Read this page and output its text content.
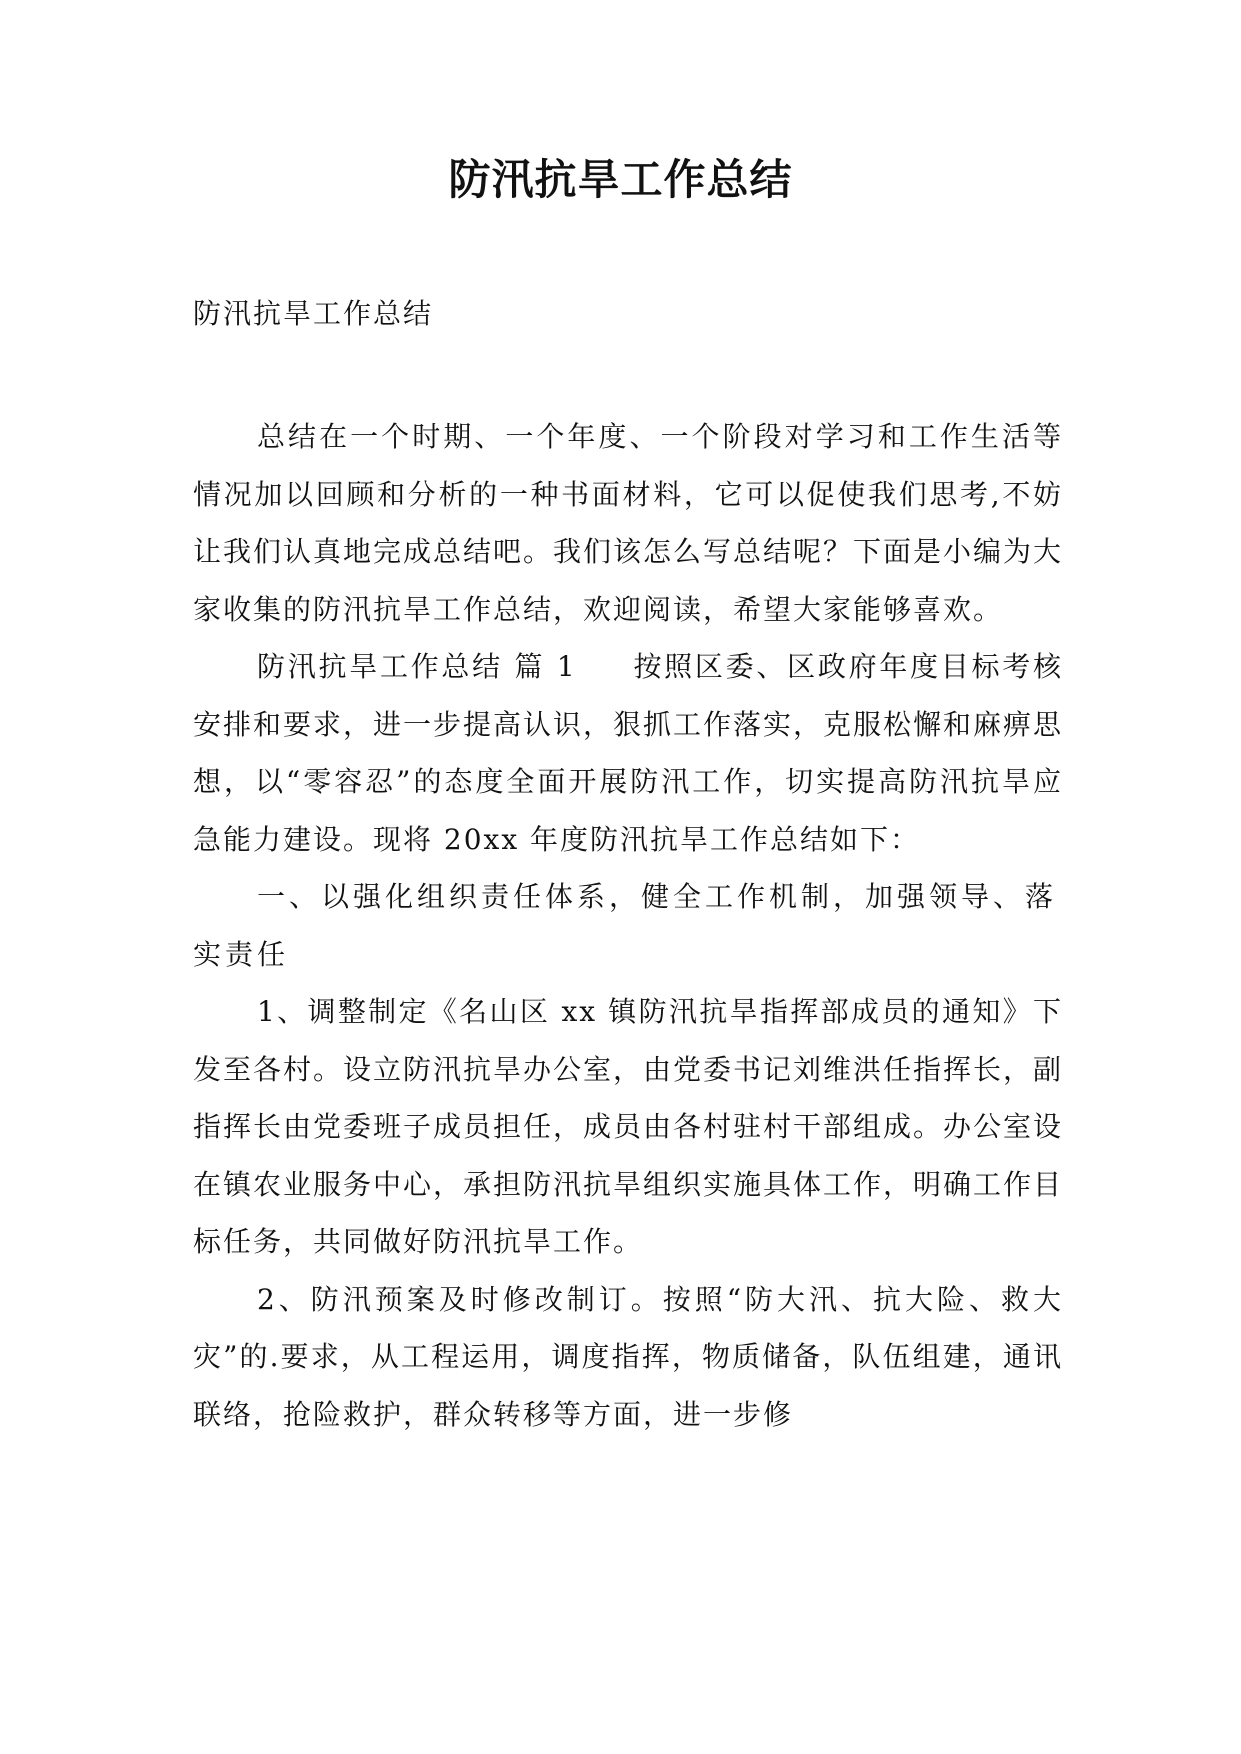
防汛抗旱工作总结
防汛抗旱工作总结

总结在一个时期、一个年度、一个阶段对学习和工作生活等情况加以回顾和分析的一种书面材料，它可以促使我们思考,不妨让我们认真地完成总结吧。我们该怎么写总结呢？下面是小编为大家收集的防汛抗旱工作总结，欢迎阅读，希望大家能够喜欢。

防汛抗旱工作总结 篇 1 按照区委、区政府年度目标考核安排和要求，进一步提高认识，狠抓工作落实，克服松懈和麻痹思想，以“零容忍”的态度全面开展防汛工作，切实提高防汛抗旱应急能力建设。现将 20xx 年度防汛抗旱工作总结如下：

一、以强化组织责任体系，健全工作机制，加强领导、落实责任

1、调整制定《名山区 xx 镇防汛抗旱指挥部成员的通知》下发至各村。设立防汛抗旱办公室，由党委书记刘维洪任指挥长，副指挥长由党委班子成员担任，成员由各村驻村干部组成。办公室设在镇农业服务中心，承担防汛抗旱组织实施具体工作，明确工作目标任务，共同做好防汛抗旱工作。

2、防汛预案及时修改制订。按照“防大汛、抗大险、救大灾”的.要求，从工程运用，调度指挥，物质储备，队伍组建，通讯联络，抢险救护，群众转移等方面，进一步修
